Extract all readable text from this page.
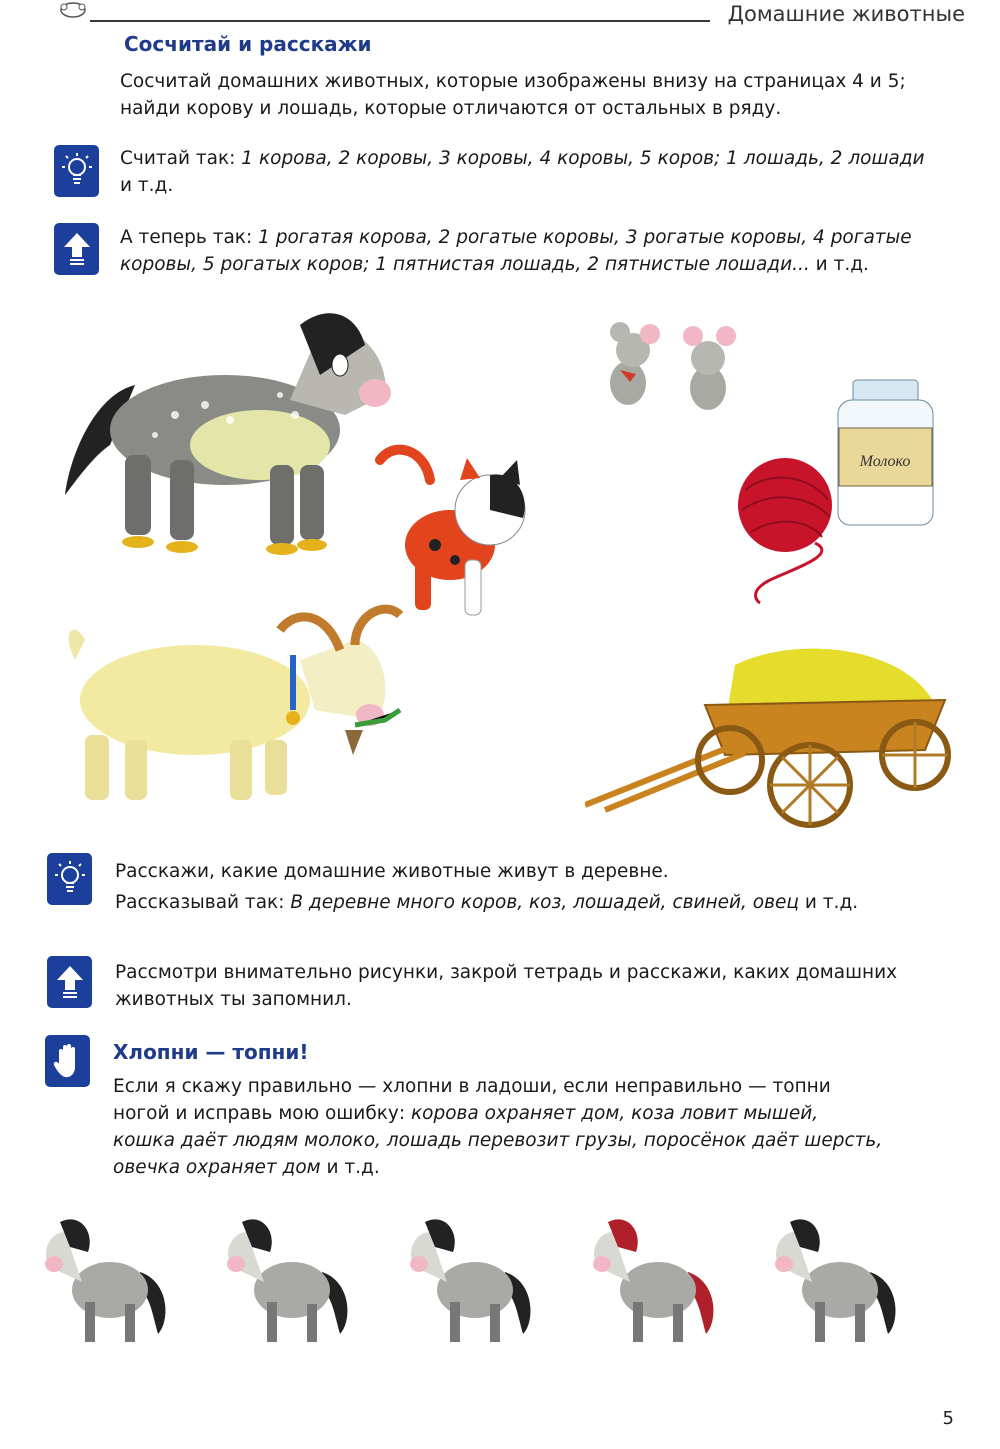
Домашние животные
Сосчитай и расскажи
Сосчитай домашних животных, которые изображены внизу на страницах 4 и 5;
найди корову и лошадь, которые отличаются от остальных в ряду.
Считай так: 1 корова, 2 коровы, 3 коровы, 4 коровы, 5 коров; 1 лошадь, 2 лошади
и т.д.
А теперь так: 1 рогатая корова, 2 рогатые коровы, 3 рогатые коровы, 4 рогатые
коровы, 5 рогатых коров; 1 пятнистая лошадь, 2 пятнистые лошади... и т.д.
Молоко
Расскажи, какие домашние животные живут в деревне.
Рассказывай так: В деревне много коров, коз, лошадей, свиней, овец и т.д.
Рассмотри внимательно рисунки, закрой тетрадь и расскажи, каких домашних
животных ты запомнил.
Хлопни — топни!
Если я скажу правильно — хлопни в ладоши, если неправильно — топни
ногой и исправь мою ошибку: корова охраняет дом, коза ловит мышей,
кошка даёт людям молоко, лошадь перевозит грузы, поросёнок даёт шерсть,
овечка охраняет дом и т.д.
5
